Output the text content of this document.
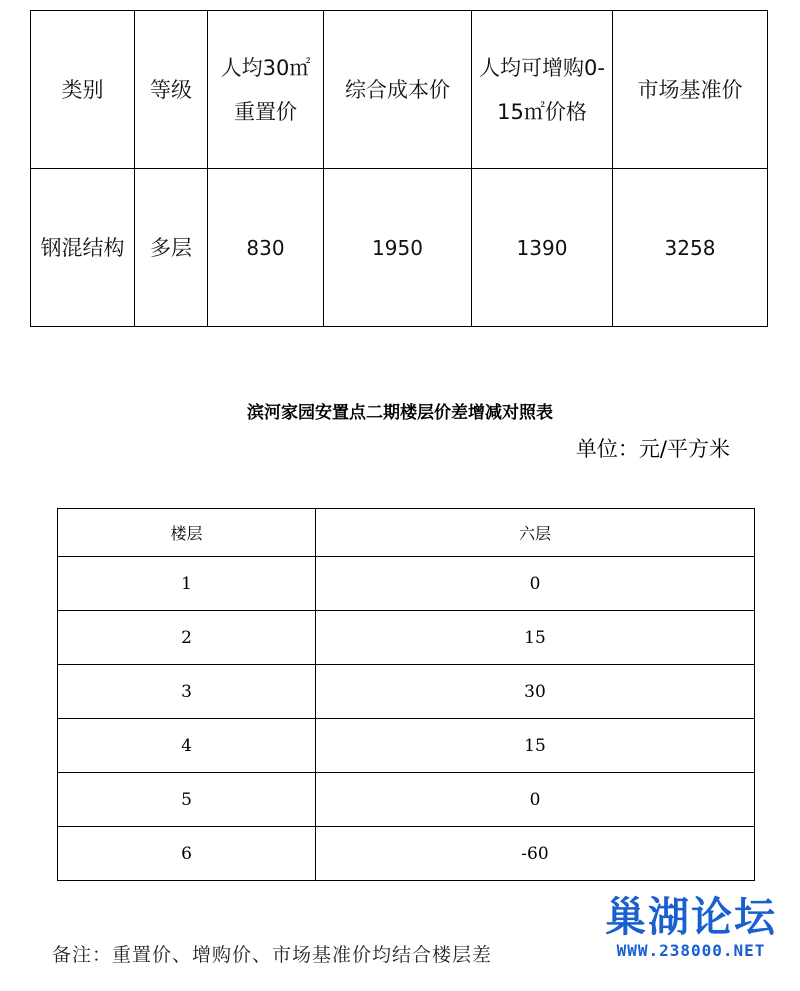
类别	等级	人均30㎡重置价	综合成本价	人均可增购0-15㎡价格	市场基准价
钢混结构	多层	830	1950	1390	3258
滨河家园安置点二期楼层价差增减对照表
单位：元/平方米
楼层	六层
1	0
2	15
3	30
4	15
5	0
6	-60
备注：重置价、增购价、市场基准价均结合楼层差
巢湖论坛
WWW.238000.NET
